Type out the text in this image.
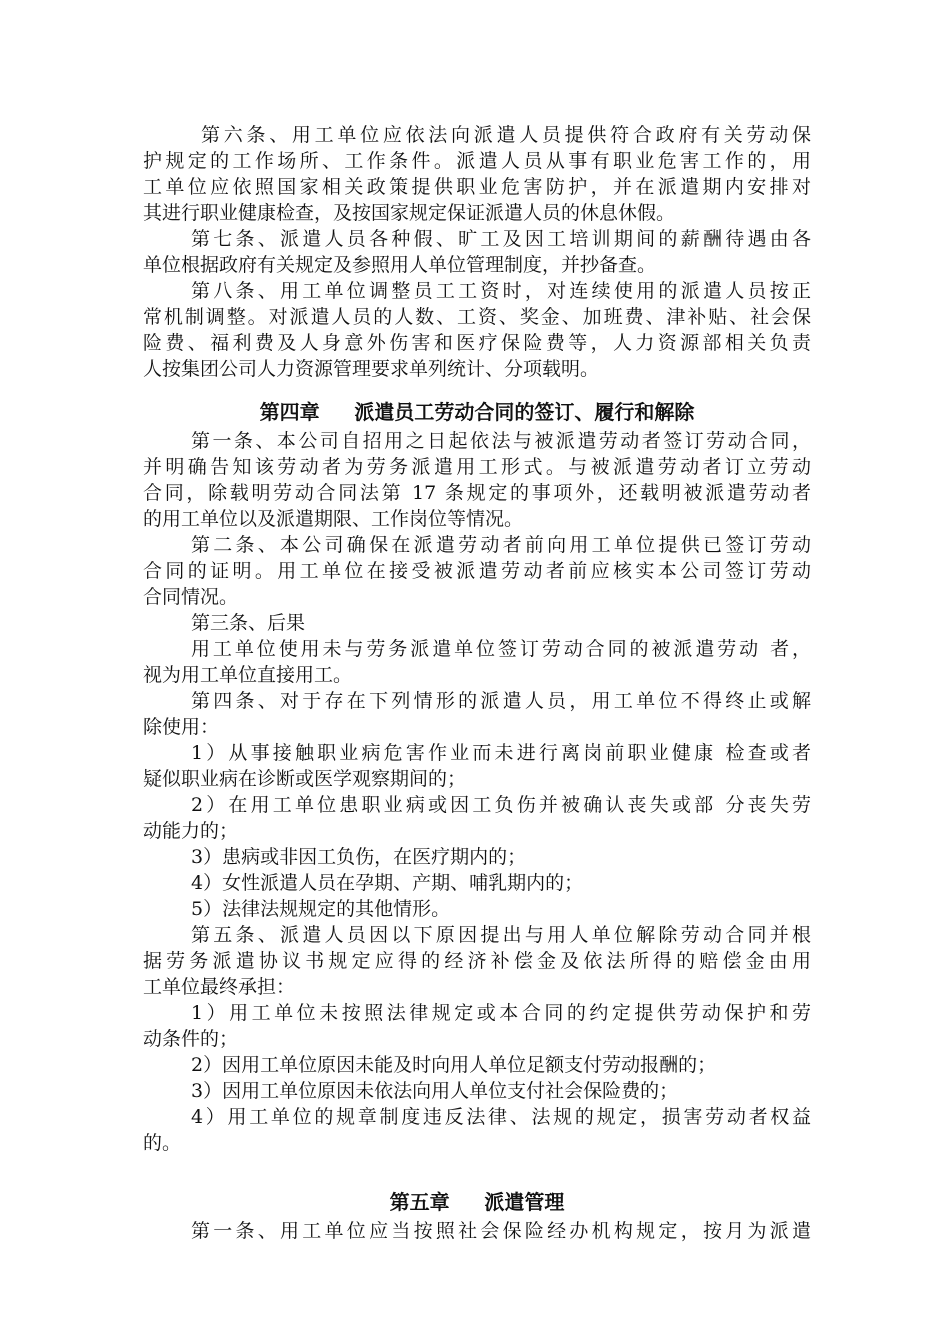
第六条、用工单位应依法向派遣人员提供符合政府有关劳动保
护规定的工作场所、工作条件。派遣人员从事有职业危害工作的，用
工单位应依照国家相关政策提供职业危害防护，并在派遣期内安排对
其进行职业健康检查，及按国家规定保证派遣人员的休息休假。
第七条、派遣人员各种假、旷工及因工培训期间的薪酬待遇由各
单位根据政府有关规定及参照用人单位管理制度，并抄备查。
第八条、用工单位调整员工工资时，对连续使用的派遣人员按正
常机制调整。对派遣人员的人数、工资、奖金、加班费、津补贴、社会保
险费、福利费及人身意外伤害和医疗保险费等，人力资源部相关负责
人按集团公司人力资源管理要求单列统计、分项载明。
第四章     派遣员工劳动合同的签订、履行和解除
第一条、本公司自招用之日起依法与被派遣劳动者签订劳动合同，
并明确告知该劳动者为劳务派遣用工形式。与被派遣劳动者订立劳动
合同，除载明劳动合同法第 17 条规定的事项外，还载明被派遣劳动者
的用工单位以及派遣期限、工作岗位等情况。
第二条、本公司确保在派遣劳动者前向用工单位提供已签订劳动
合同的证明。用工单位在接受被派遣劳动者前应核实本公司签订劳动
合同情况。
第三条、后果
用工单位使用未与劳务派遣单位签订劳动合同的被派遣劳动 者，
视为用工单位直接用工。
第四条、对于存在下列情形的派遣人员，用工单位不得终止或解
除使用：
1）从事接触职业病危害作业而未进行离岗前职业健康 检查或者
疑似职业病在诊断或医学观察期间的；
2）在用工单位患职业病或因工负伤并被确认丧失或部 分丧失劳
动能力的；
3）患病或非因工负伤，在医疗期内的；
4）女性派遣人员在孕期、产期、哺乳期内的；
5）法律法规规定的其他情形。
第五条、派遣人员因以下原因提出与用人单位解除劳动合同并根
据劳务派遣协议书规定应得的经济补偿金及依法所得的赔偿金由用
工单位最终承担：
1）用工单位未按照法律规定或本合同的约定提供劳动保护和劳
动条件的；
2）因用工单位原因未能及时向用人单位足额支付劳动报酬的；
3）因用工单位原因未依法向用人单位支付社会保险费的；
4）用工单位的规章制度违反法律、法规的规定，损害劳动者权益
的。
第五章     派遣管理
第一条、用工单位应当按照社会保险经办机构规定，按月为派遣
